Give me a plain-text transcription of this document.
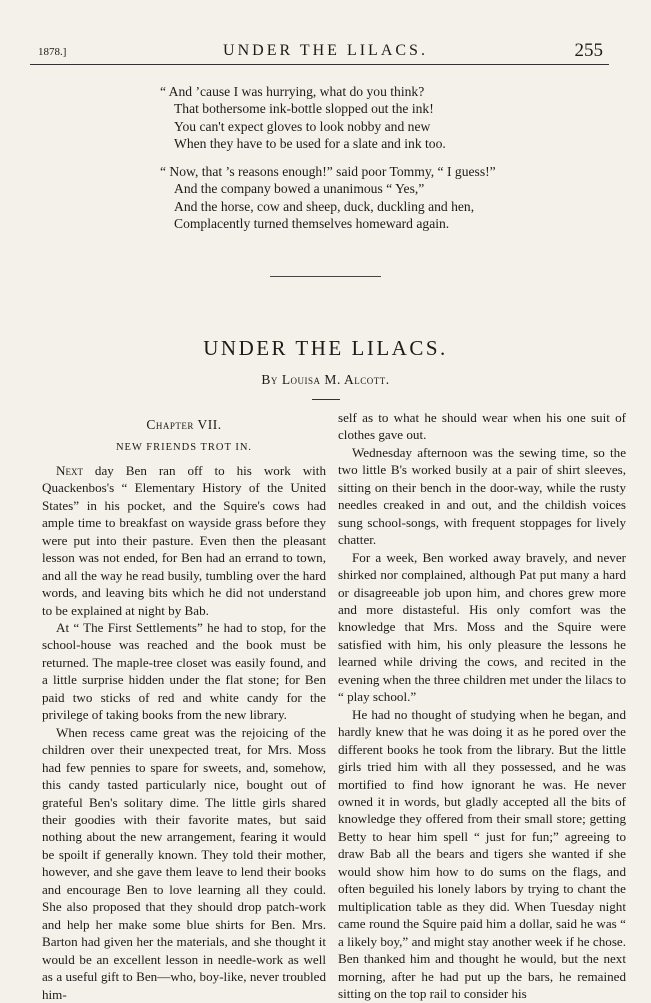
1878.]	UNDER THE LILACS.	255
“ And ’cause I was hurrying, what do you think?
That bothersome ink-bottle slopped out the ink!
You can't expect gloves to look nobby and new
When they have to be used for a slate and ink too.
“ Now, that ’s reasons enough!” said poor Tommy, “ I guess!”
And the company bowed a unanimous “ Yes,”
And the horse, cow and sheep, duck, duckling and hen,
Complacently turned themselves homeward again.
UNDER THE LILACS.
By Louisa M. Alcott.
Chapter VII.
NEW FRIENDS TROT IN.

Next day Ben ran off to his work with Quackenbos's “ Elementary History of the United States” in his pocket, and the Squire's cows had ample time to breakfast on wayside grass before they were put into their pasture. Even then the pleasant lesson was not ended, for Ben had an errand to town, and all the way he read busily, tumbling over the hard words, and leaving bits which he did not understand to be explained at night by Bab.

At “ The First Settlements” he had to stop, for the school-house was reached and the book must be returned. The maple-tree closet was easily found, and a little surprise hidden under the flat stone; for Ben paid two sticks of red and white candy for the privilege of taking books from the new library.

When recess came great was the rejoicing of the children over their unexpected treat, for Mrs. Moss had few pennies to spare for sweets, and, somehow, this candy tasted particularly nice, bought out of grateful Ben's solitary dime. The little girls shared their goodies with their favorite mates, but said nothing about the new arrangement, fearing it would be spoilt if generally known. They told their mother, however, and she gave them leave to lend their books and encourage Ben to love learning all they could. She also proposed that they should drop patch-work and help her make some blue shirts for Ben. Mrs. Barton had given her the materials, and she thought it would be an excellent lesson in needle-work as well as a useful gift to Ben—who, boy-like, never troubled him-

self as to what he should wear when his one suit of clothes gave out.

Wednesday afternoon was the sewing time, so the two little B's worked busily at a pair of shirt sleeves, sitting on their bench in the door-way, while the rusty needles creaked in and out, and the childish voices sung school-songs, with frequent stoppages for lively chatter.

For a week, Ben worked away bravely, and never shirked nor complained, although Pat put many a hard or disagreeable job upon him, and chores grew more and more distasteful. His only comfort was the knowledge that Mrs. Moss and the Squire were satisfied with him, his only pleasure the lessons he learned while driving the cows, and recited in the evening when the three children met under the lilacs to “ play school.”

He had no thought of studying when he began, and hardly knew that he was doing it as he pored over the different books he took from the library. But the little girls tried him with all they possessed, and he was mortified to find how ignorant he was. He never owned it in words, but gladly accepted all the bits of knowledge they offered from their small store; getting Betty to hear him spell “ just for fun;” agreeing to draw Bab all the bears and tigers she wanted if she would show him how to do sums on the flags, and often beguiled his lonely labors by trying to chant the multiplication table as they did. When Tuesday night came round the Squire paid him a dollar, said he was “ a likely boy,” and might stay another week if he chose. Ben thanked him and thought he would, but the next morning, after he had put up the bars, he remained sitting on the top rail to consider his
